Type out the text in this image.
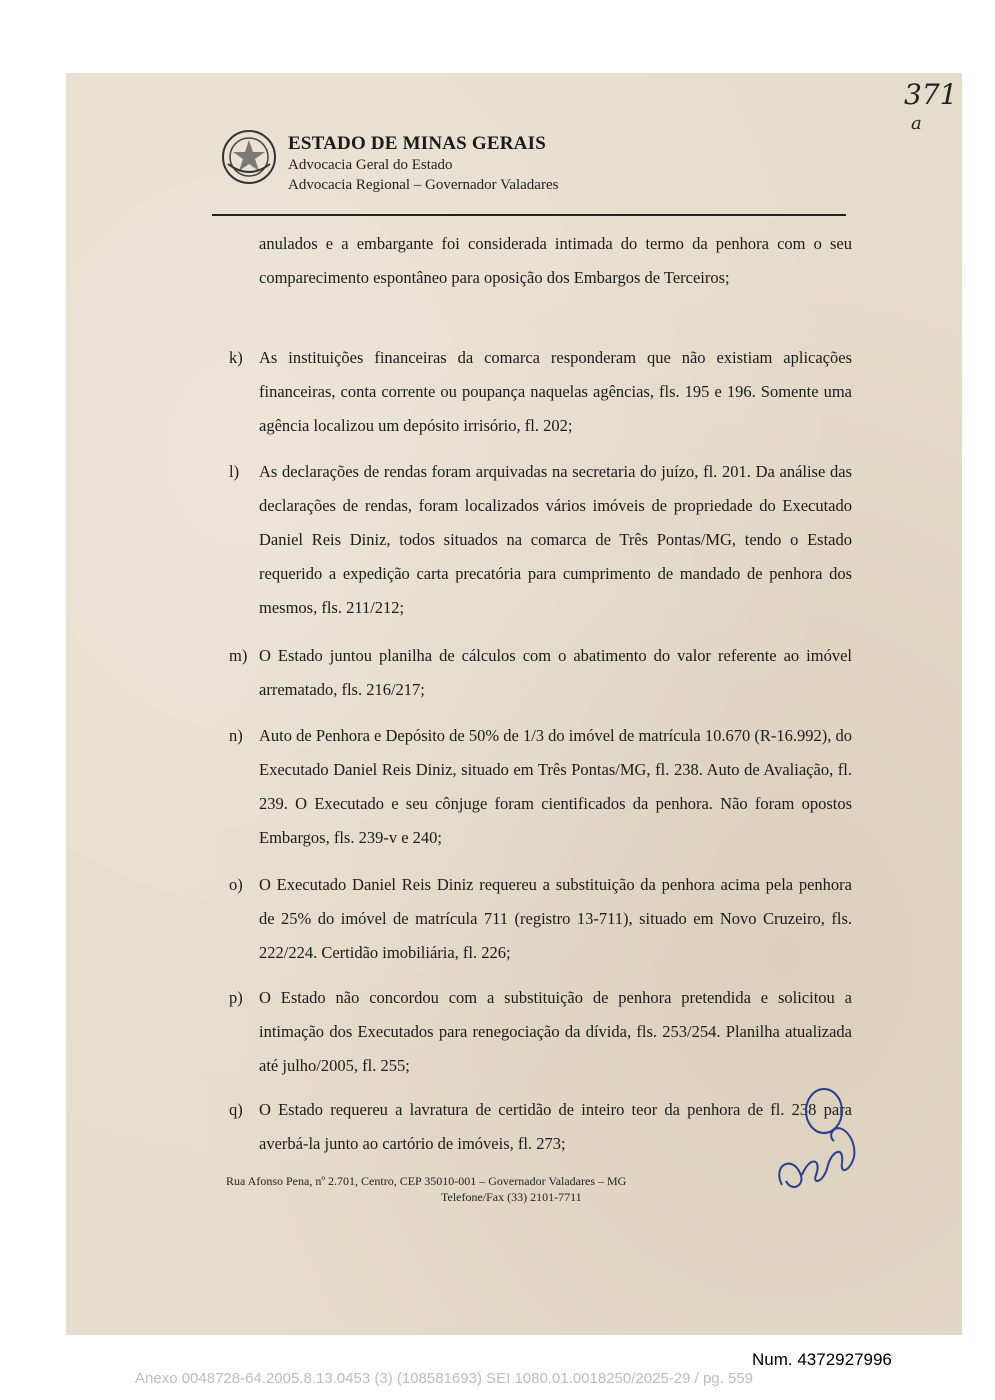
371
a
ESTADO DE MINAS GERAIS
Advocacia Geral do Estado
Advocacia Regional – Governador Valadares
anulados e a embargante foi considerada intimada do termo da penhora com o seu comparecimento espontâneo para oposição dos Embargos de Terceiros;
k) As instituições financeiras da comarca responderam que não existiam aplicações financeiras, conta corrente ou poupança naquelas agências, fls. 195 e 196. Somente uma agência localizou um depósito irrisório, fl. 202;
l) As declarações de rendas foram arquivadas na secretaria do juízo, fl. 201. Da análise das declarações de rendas, foram localizados vários imóveis de propriedade do Executado Daniel Reis Diniz, todos situados na comarca de Três Pontas/MG, tendo o Estado requerido a expedição carta precatória para cumprimento de mandado de penhora dos mesmos, fls. 211/212;
m) O Estado juntou planilha de cálculos com o abatimento do valor referente ao imóvel arrematado, fls. 216/217;
n) Auto de Penhora e Depósito de 50% de 1/3 do imóvel de matrícula 10.670 (R-16.992), do Executado Daniel Reis Diniz, situado em Três Pontas/MG, fl. 238. Auto de Avaliação, fl. 239. O Executado e seu cônjuge foram cientificados da penhora. Não foram opostos Embargos, fls. 239-v e 240;
o) O Executado Daniel Reis Diniz requereu a substituição da penhora acima pela penhora de 25% do imóvel de matrícula 711 (registro 13-711), situado em Novo Cruzeiro, fls. 222/224. Certidão imobiliária, fl. 226;
p) O Estado não concordou com a substituição de penhora pretendida e solicitou a intimação dos Executados para renegociação da dívida, fls. 253/254. Planilha atualizada até julho/2005, fl. 255;
q) O Estado requereu a lavratura de certidão de inteiro teor da penhora de fl. 238 para averbá-la junto ao cartório de imóveis, fl. 273;
Rua Afonso Pena, nº 2.701, Centro, CEP 35010-001 – Governador Valadares – MG
Telefone/Fax (33) 2101-7711
Num. 4372927996
Anexo 0048728-64.2005.8.13.0453 (3) (108581693) SEI 1080.01.0018250/2025-29 / pg. 559
